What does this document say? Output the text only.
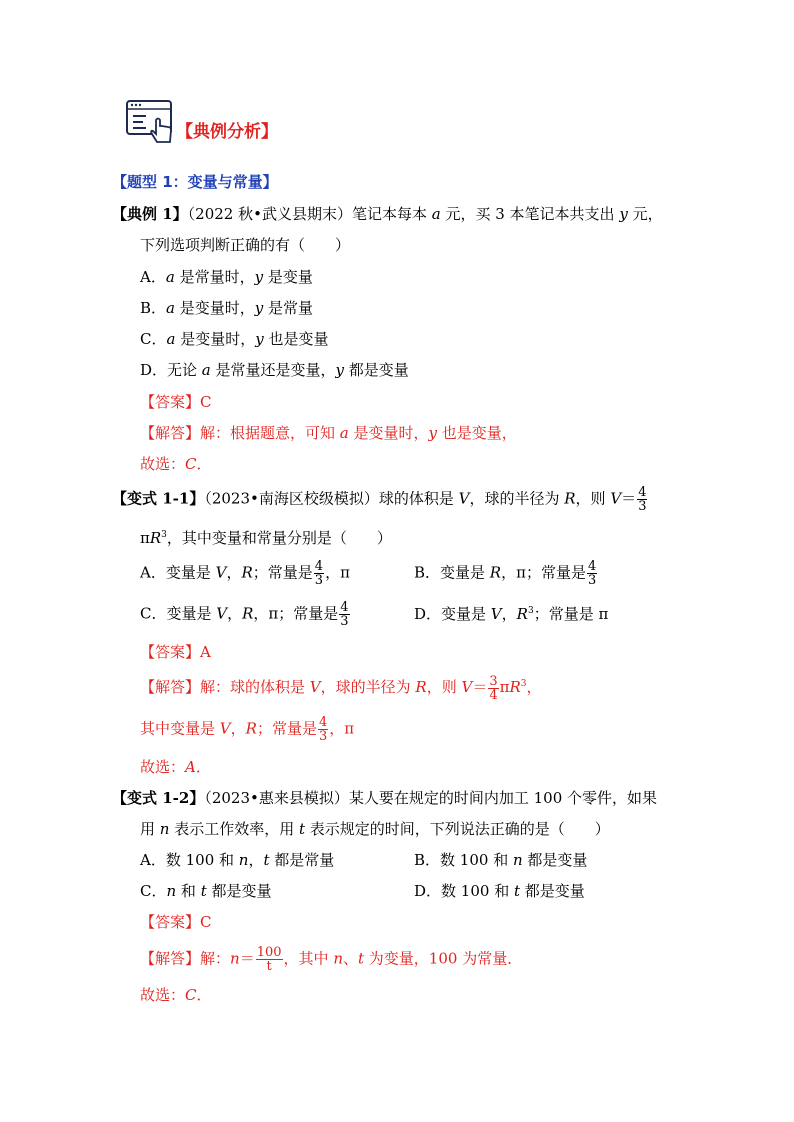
【典例分析】
【题型 1：变量与常量】
【典例 1】（2022 秋•武义县期末）笔记本每本 a 元，买 3 本笔记本共支出 y 元，
下列选项判断正确的有（　　）
A．a 是常量时，y 是变量
B．a 是变量时，y 是常量
C．a 是变量时，y 也是变量
D．无论 a 是常量还是变量，y 都是变量
【答案】C
【解答】解：根据题意，可知 a 是变量时，y 也是变量，
故选：C．
【变式 1-1】（2023•南海区校级模拟）球的体积是 V，球的半径为 R，则 $V= \frac{4}{3}$
$\pi R^3$，其中变量和常量分别是（　　）
A．变量是 V，R；常量是 $\frac{4}{3}$ ，π	B．变量是 R，π；常量是 $\frac{4}{3}$
C．变量是 V，R，π；常量是 $\frac{4}{3}$	D．变量是 V，$R^3$；常量是 π
【答案】A
【解答】解：球的体积是 V，球的半径为 R，则 $V= \frac{3}{4} \pi R^3$，
其中变量是 V，R；常量是 $\frac{4}{3}$ ，π
故选：A．
【变式 1-2】（2023•惠来县模拟）某人要在规定的时间内加工 100 个零件，如果
用 n 表示工作效率，用 t 表示规定的时间，下列说法正确的是（　　）
A．数 100 和 n，t 都是常量	B．数 100 和 n 都是变量
C．n 和 t 都是变量	D．数 100 和 t 都是变量
【答案】C
【解答】解：$n= \frac{100}{t}$ ，其中 n、t 为变量，100 为常量．
故选：C．
